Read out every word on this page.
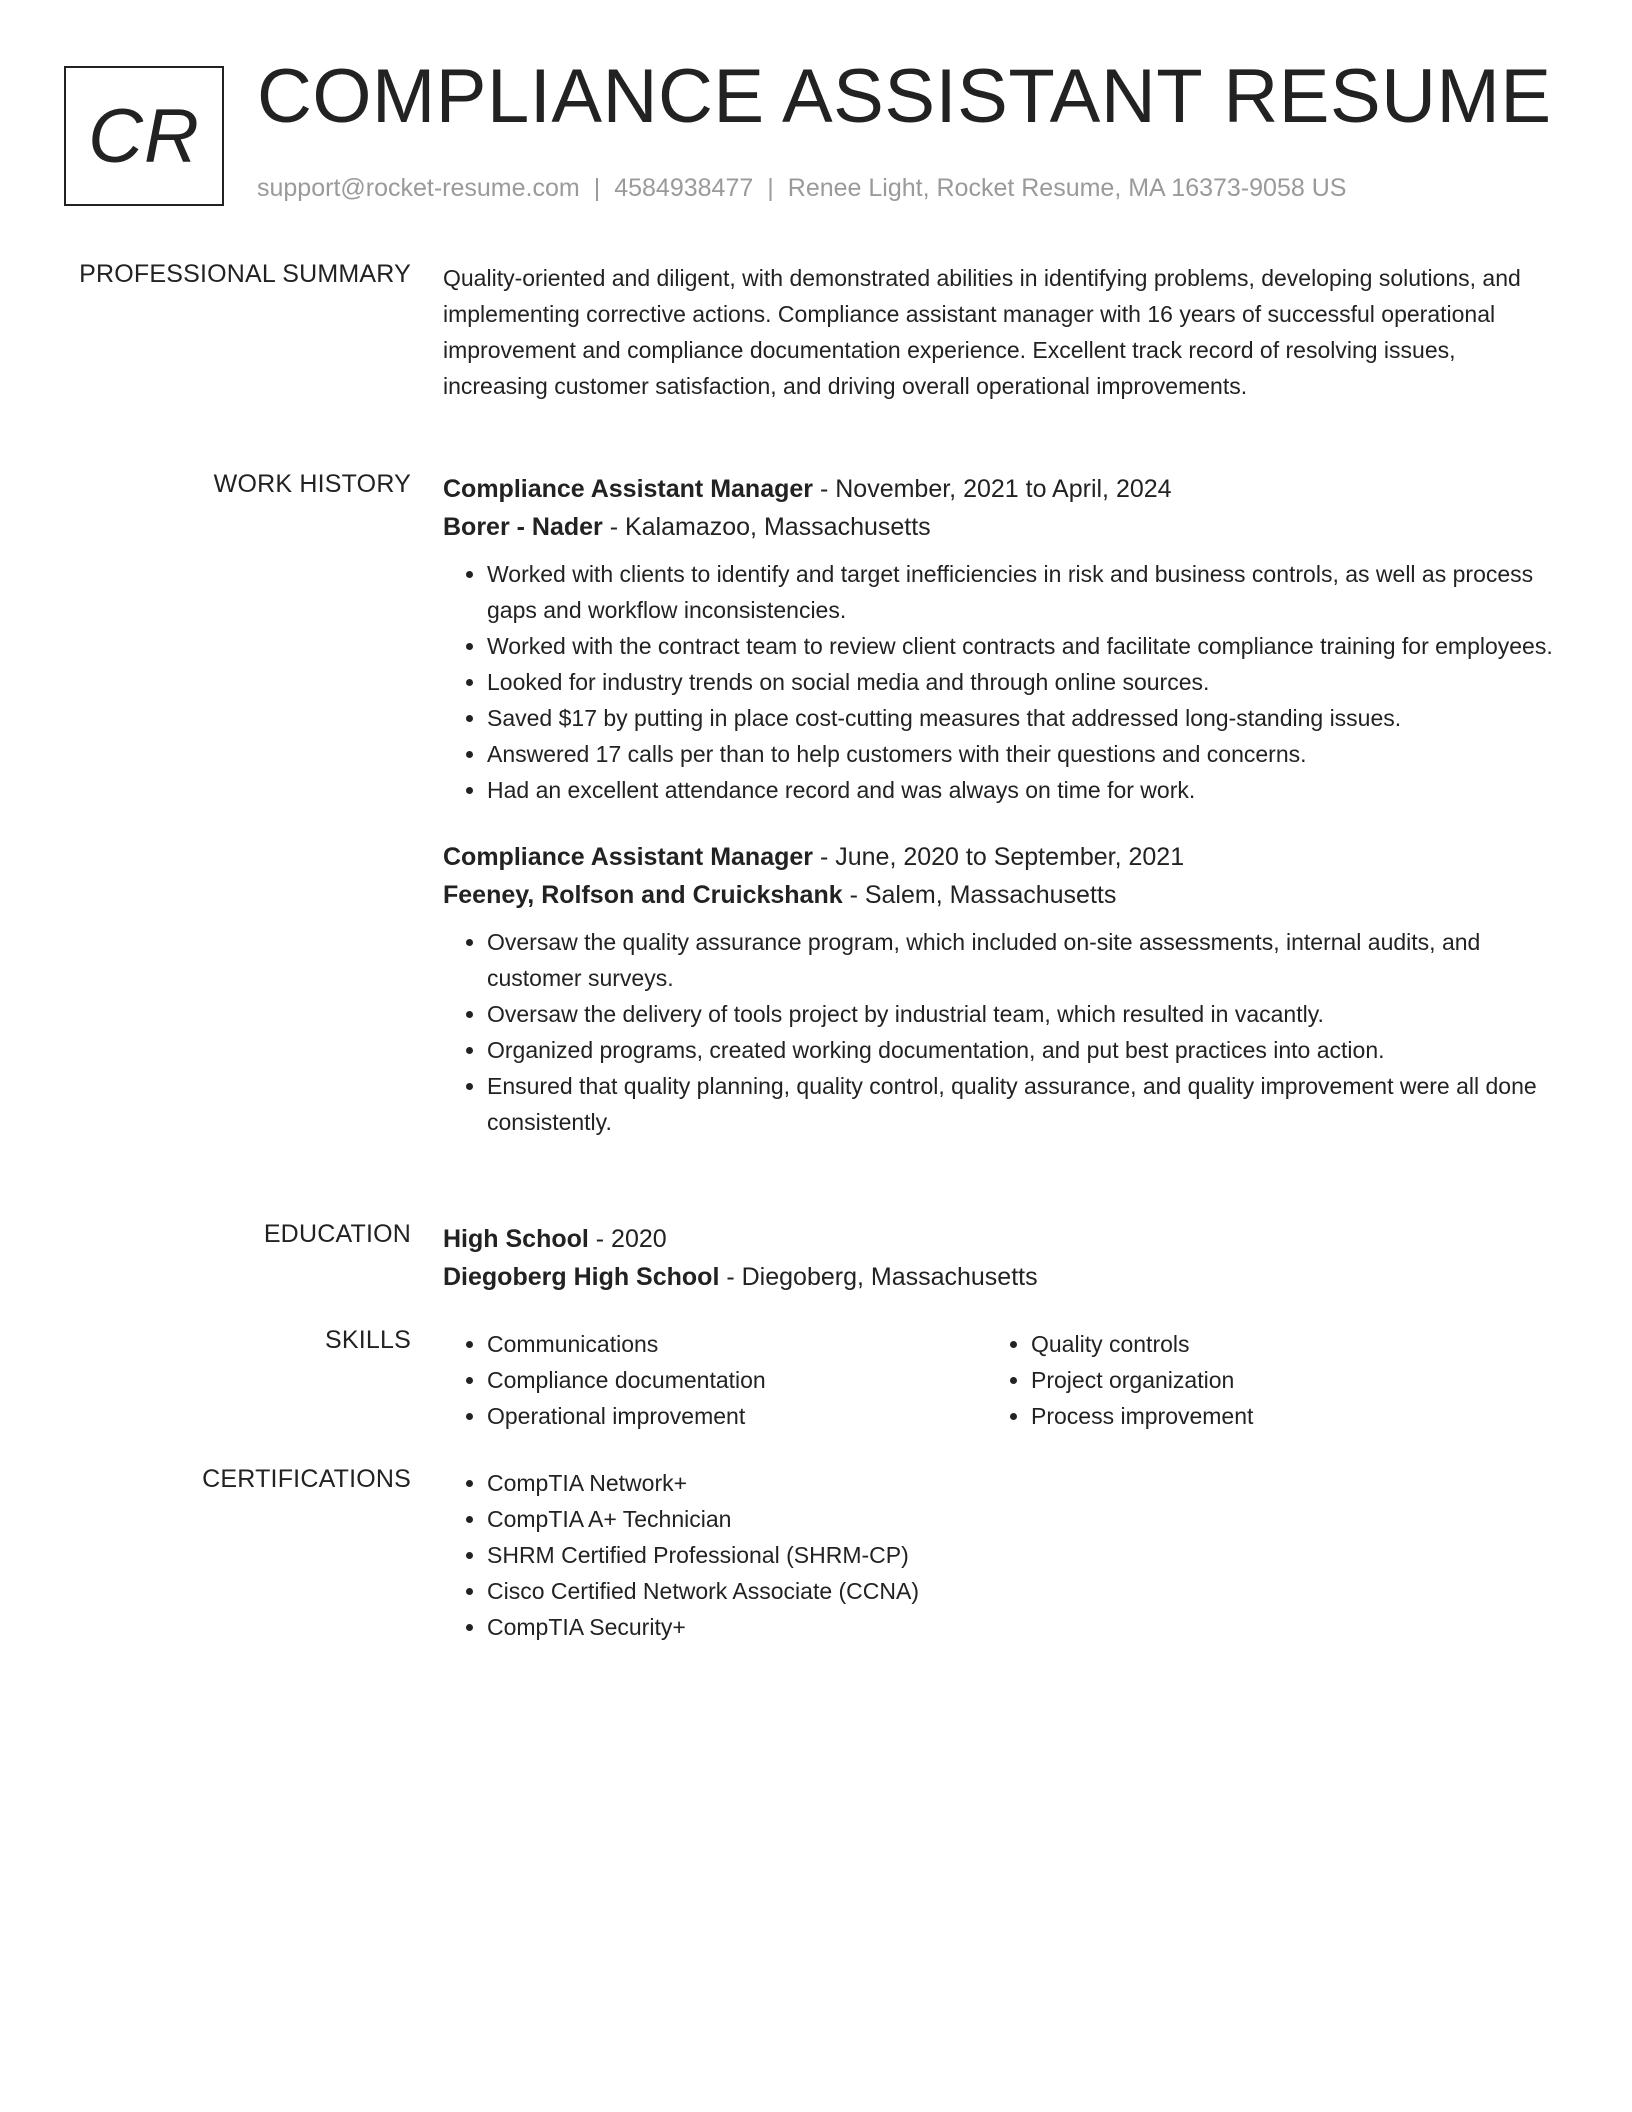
CR COMPLIANCE ASSISTANT RESUME
support@rocket-resume.com | 4584938477 | Renee Light, Rocket Resume, MA 16373-9058 US
PROFESSIONAL SUMMARY Quality-oriented and diligent, with demonstrated abilities in identifying problems, developing solutions, and implementing corrective actions. Compliance assistant manager with 16 years of successful operational improvement and compliance documentation experience. Excellent track record of resolving issues, increasing customer satisfaction, and driving overall operational improvements.

WORK HISTORY Compliance Assistant Manager - November, 2021 to April, 2024
Borer - Nader - Kalamazoo, Massachusetts
• Worked with clients to identify and target inefficiencies in risk and business controls, as well as process gaps and workflow inconsistencies.
• Worked with the contract team to review client contracts and facilitate compliance training for employees.
• Looked for industry trends on social media and through online sources.
• Saved $17 by putting in place cost-cutting measures that addressed long-standing issues.
• Answered 17 calls per than to help customers with their questions and concerns.
• Had an excellent attendance record and was always on time for work.
Compliance Assistant Manager - June, 2020 to September, 2021
Feeney, Rolfson and Cruickshank - Salem, Massachusetts
• Oversaw the quality assurance program, which included on-site assessments, internal audits, and customer surveys.
• Oversaw the delivery of tools project by industrial team, which resulted in vacantly.
• Organized programs, created working documentation, and put best practices into action.
• Ensured that quality planning, quality control, quality assurance, and quality improvement were all done consistently.
EDUCATION High School - 2020
Diegoberg High School - Diegoberg, Massachusetts
SKILLS	• Communications
• Compliance documentation
• Operational improvement
• Quality controls
• Project organization
• Process improvement
CERTIFICATIONS	• CompTIA Network+
• CompTIA A+ Technician
• SHRM Certified Professional (SHRM-CP)
• Cisco Certified Network Associate (CCNA)
• CompTIA Security+
